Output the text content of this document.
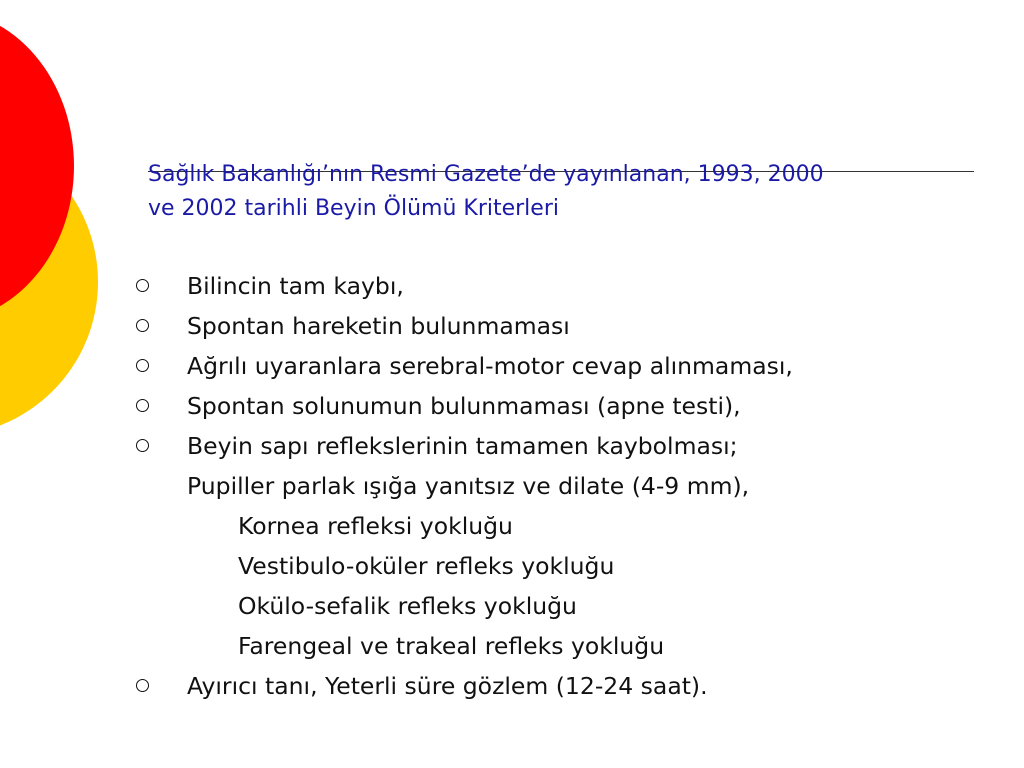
Sağlık Bakanlığı’nın Resmi Gazete’de yayınlanan, 1993, 2000
ve 2002 tarihli Beyin Ölümü Kriterleri
Bilincin tam kaybı,
Spontan hareketin bulunmaması
Ağrılı uyaranlara serebral-motor cevap alınmaması,
Spontan solunumun bulunmaması (apne testi),
Beyin sapı reflekslerinin tamamen kaybolması;
Pupiller parlak ışığa yanıtsız ve dilate (4-9 mm),
Kornea refleksi yokluğu
Vestibulo-oküler refleks yokluğu
Okülo-sefalik refleks yokluğu
Farengeal ve trakeal refleks yokluğu
Ayırıcı tanı, Yeterli süre gözlem (12-24 saat).
